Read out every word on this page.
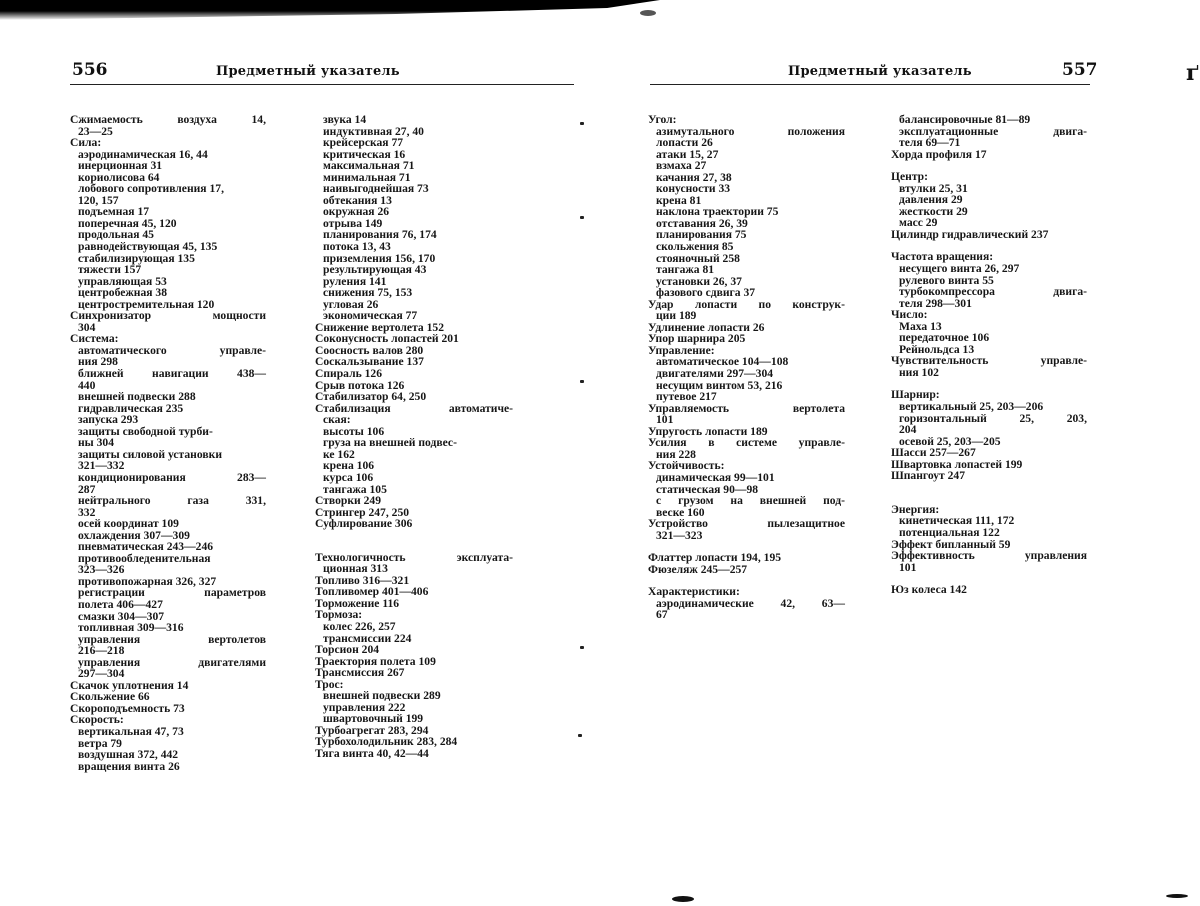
556	Предметный указатель
Сжимаемость	воздуха	14,
23—25
Сила:
аэродинамическая 16, 44
инерционная 31
кориолисова 64
лобового сопротивления 17,
120, 157
подъемная 17
поперечная 45, 120
продольная 45
равнодействующая 45, 135
стабилизирующая 135
тяжести 157
управляющая 53
центробежная 38
центростремительная 120
Синхронизатор	мощности
304
Система:
автоматического	управле-
ния 298
ближней навигации 438—
440
внешней подвески 288
гидравлическая 235
запуска 293
защиты свободной турби-
ны 304
защиты силовой установки
321—332
кондиционирования	283—
287
нейтрального	газа	331,
332
осей координат 109
охлаждения 307—309
пневматическая 243—246
противообледенительная
323—326
противопожарная 326, 327
регистрации	параметров
полета 406—427
смазки 304—307
топливная 309—316
управления	вертолетов
216—218
управления	двигателями
297—304
Скачок уплотнения 14
Скольжение 66
Скороподъемность 73
Скорость:
вертикальная 47, 73
ветра 79
воздушная 372, 442
вращения винта 26
звука 14
индуктивная 27, 40
крейсерская 77
критическая 16
максимальная 71
минимальная 71
наивыгоднейшая 73
обтекания 13
окружная 26
отрыва 149
планирования 76, 174
потока 13, 43
приземления 156, 170
результирующая 43
руления 141
снижения 75, 153
угловая 26
экономическая 77
Снижение вертолета 152
Соконусность лопастей 201
Соосность валов 280
Соскальзывание 137
Спираль 126
Срыв потока 126
Стабилизатор 64, 250
Стабилизация	автоматиче-
ская:
высоты 106
груза на внешней подвес-
ке 162
крена 106
курса 106
тангажа 105
Створки 249
Стрингер 247, 250
Суфлирование 306
Технологичность	эксплуата-
ционная 313
Топливо 316—321
Топливомер 401—406
Торможение 116
Тормоза:
колес 226, 257
трансмиссии 224
Торсион 204
Траектория полета 109
Трансмиссия 267
Трос:
внешней подвески 289
управления 222
швартовочный 199
Турбоагрегат 283, 294
Турбохолодильник 283, 284
Тяга винта 40, 42—44
Предметный указатель	557
Угол:
азимутального	положения
лопасти 26
атаки 15, 27
взмаха 27
качания 27, 38
конусности 33
крена 81
наклона траектории 75
отставания 26, 39
планирования 75
скольжения 85
стояночный 258
тангажа 81
установки 26, 37
фазового сдвига 37
Удар лопасти по конструк-
ции 189
Удлинение лопасти 26
Упор шарнира 205
Управление:
автоматическое 104—108
двигателями 297—304
несущим винтом 53, 216
путевое 217
Управляемость	вертолета
101
Упругость лопасти 189
Усилия в системе управле-
ния 228
Устойчивость:
динамическая 99—101
статическая 90—98
с грузом на внешней под-
веске 160
Устройство	пылезащитное
321—323
Флаттер лопасти 194, 195
Фюзеляж 245—257
Характеристики:
аэродинамические 42, 63—
67
балансировочные 81—89
эксплуатационные	двига-
теля 69—71
Хорда профиля 17
Центр:
втулки 25, 31
давления 29
жесткости 29
масс 29
Цилиндр гидравлический 237
Частота вращения:
несущего винта 26, 297
рулевого винта 55
турбокомпрессора	двига-
теля 298—301
Число:
Маха 13
передаточное 106
Рейнольдса 13
Чувствительность	управле-
ния 102
Шарнир:
вертикальный 25, 203—206
горизонтальный	25,	203,
204
осевой 25, 203—205
Шасси 257—267
Швартовка лопастей 199
Шпангоут 247
Энергия:
кинетическая 111, 172
потенциальная 122
Эффект бипланный 59
Эффективность	управления
101
Юз колеса 142
ґ
